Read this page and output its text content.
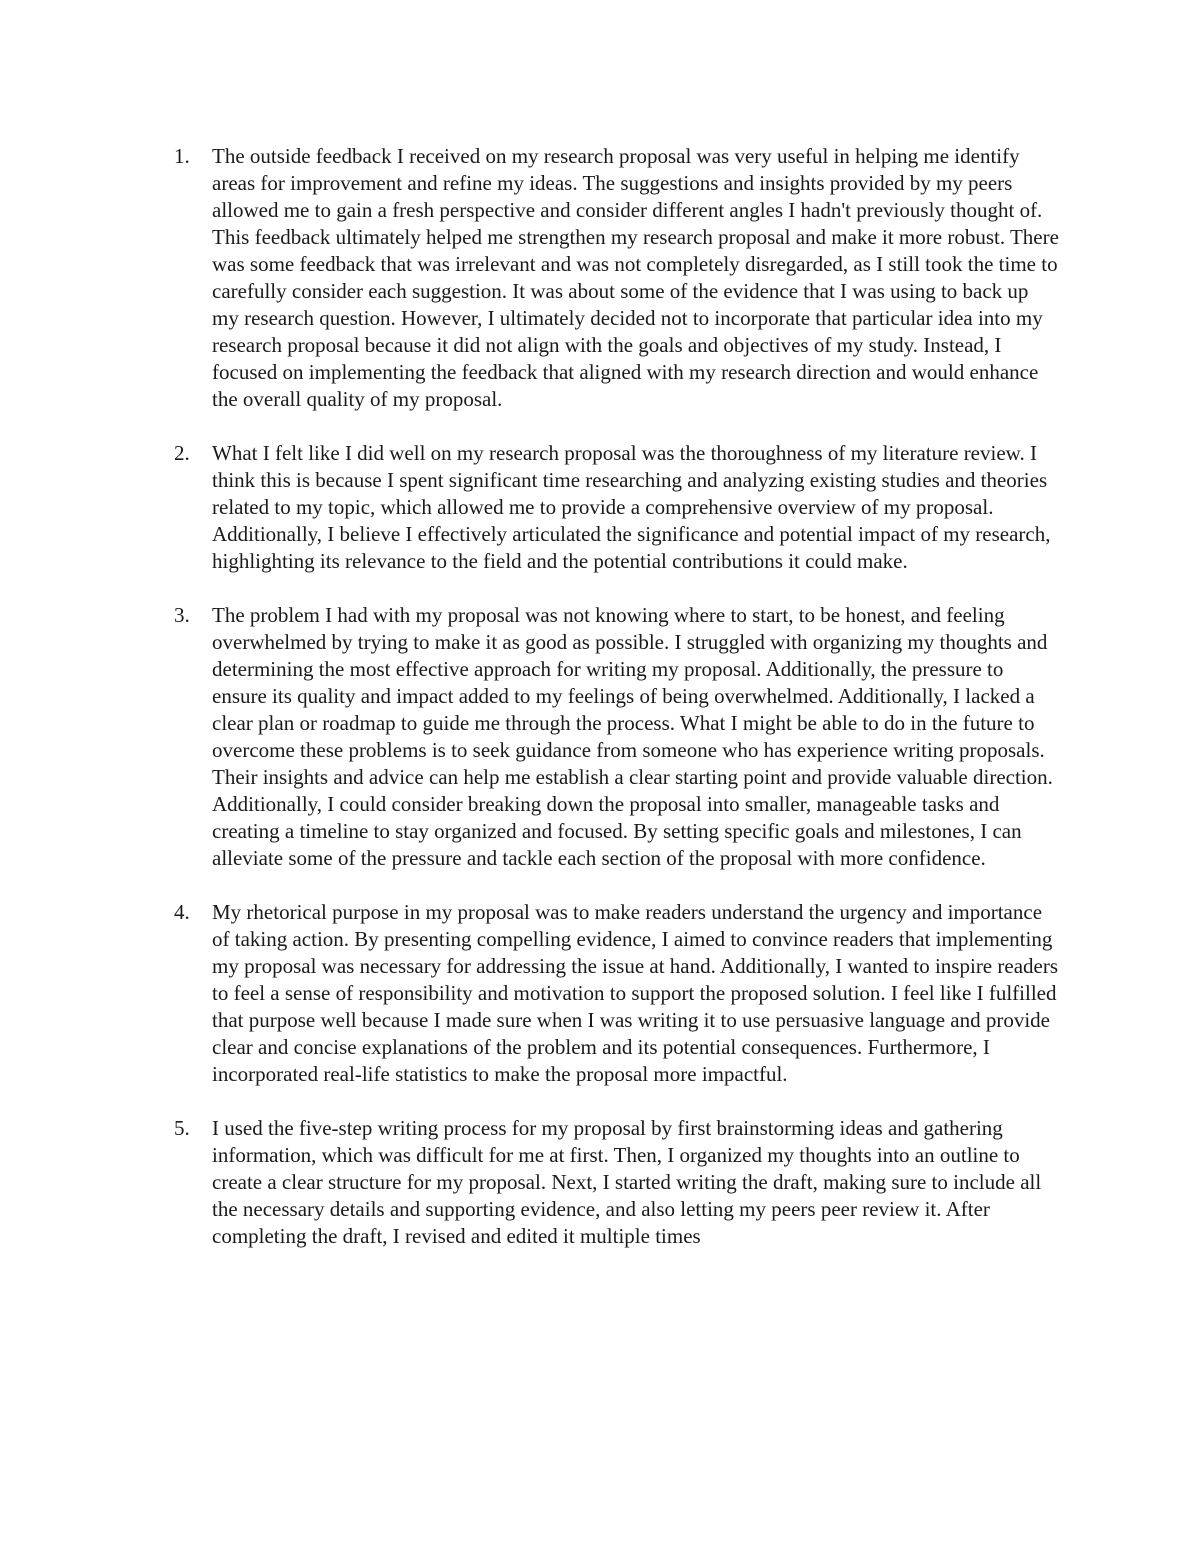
1. The outside feedback I received on my research proposal was very useful in helping me identify areas for improvement and refine my ideas. The suggestions and insights provided by my peers allowed me to gain a fresh perspective and consider different angles I hadn't previously thought of. This feedback ultimately helped me strengthen my research proposal and make it more robust. There was some feedback that was irrelevant and was not completely disregarded, as I still took the time to carefully consider each suggestion. It was about some of the evidence that I was using to back up my research question. However, I ultimately decided not to incorporate that particular idea into my research proposal because it did not align with the goals and objectives of my study. Instead, I focused on implementing the feedback that aligned with my research direction and would enhance the overall quality of my proposal.
2. What I felt like I did well on my research proposal was the thoroughness of my literature review. I think this is because I spent significant time researching and analyzing existing studies and theories related to my topic, which allowed me to provide a comprehensive overview of my proposal. Additionally, I believe I effectively articulated the significance and potential impact of my research, highlighting its relevance to the field and the potential contributions it could make.
3. The problem I had with my proposal was not knowing where to start, to be honest, and feeling overwhelmed by trying to make it as good as possible. I struggled with organizing my thoughts and determining the most effective approach for writing my proposal. Additionally, the pressure to ensure its quality and impact added to my feelings of being overwhelmed. Additionally, I lacked a clear plan or roadmap to guide me through the process. What I might be able to do in the future to overcome these problems is to seek guidance from someone who has experience writing proposals. Their insights and advice can help me establish a clear starting point and provide valuable direction. Additionally, I could consider breaking down the proposal into smaller, manageable tasks and creating a timeline to stay organized and focused. By setting specific goals and milestones, I can alleviate some of the pressure and tackle each section of the proposal with more confidence.
4. My rhetorical purpose in my proposal was to make readers understand the urgency and importance of taking action. By presenting compelling evidence, I aimed to convince readers that implementing my proposal was necessary for addressing the issue at hand. Additionally, I wanted to inspire readers to feel a sense of responsibility and motivation to support the proposed solution. I feel like I fulfilled that purpose well because I made sure when I was writing it to use persuasive language and provide clear and concise explanations of the problem and its potential consequences. Furthermore, I incorporated real-life statistics to make the proposal more impactful.
5. I used the five-step writing process for my proposal by first brainstorming ideas and gathering information, which was difficult for me at first. Then, I organized my thoughts into an outline to create a clear structure for my proposal. Next, I started writing the draft, making sure to include all the necessary details and supporting evidence, and also letting my peers peer review it. After completing the draft, I revised and edited it multiple times
